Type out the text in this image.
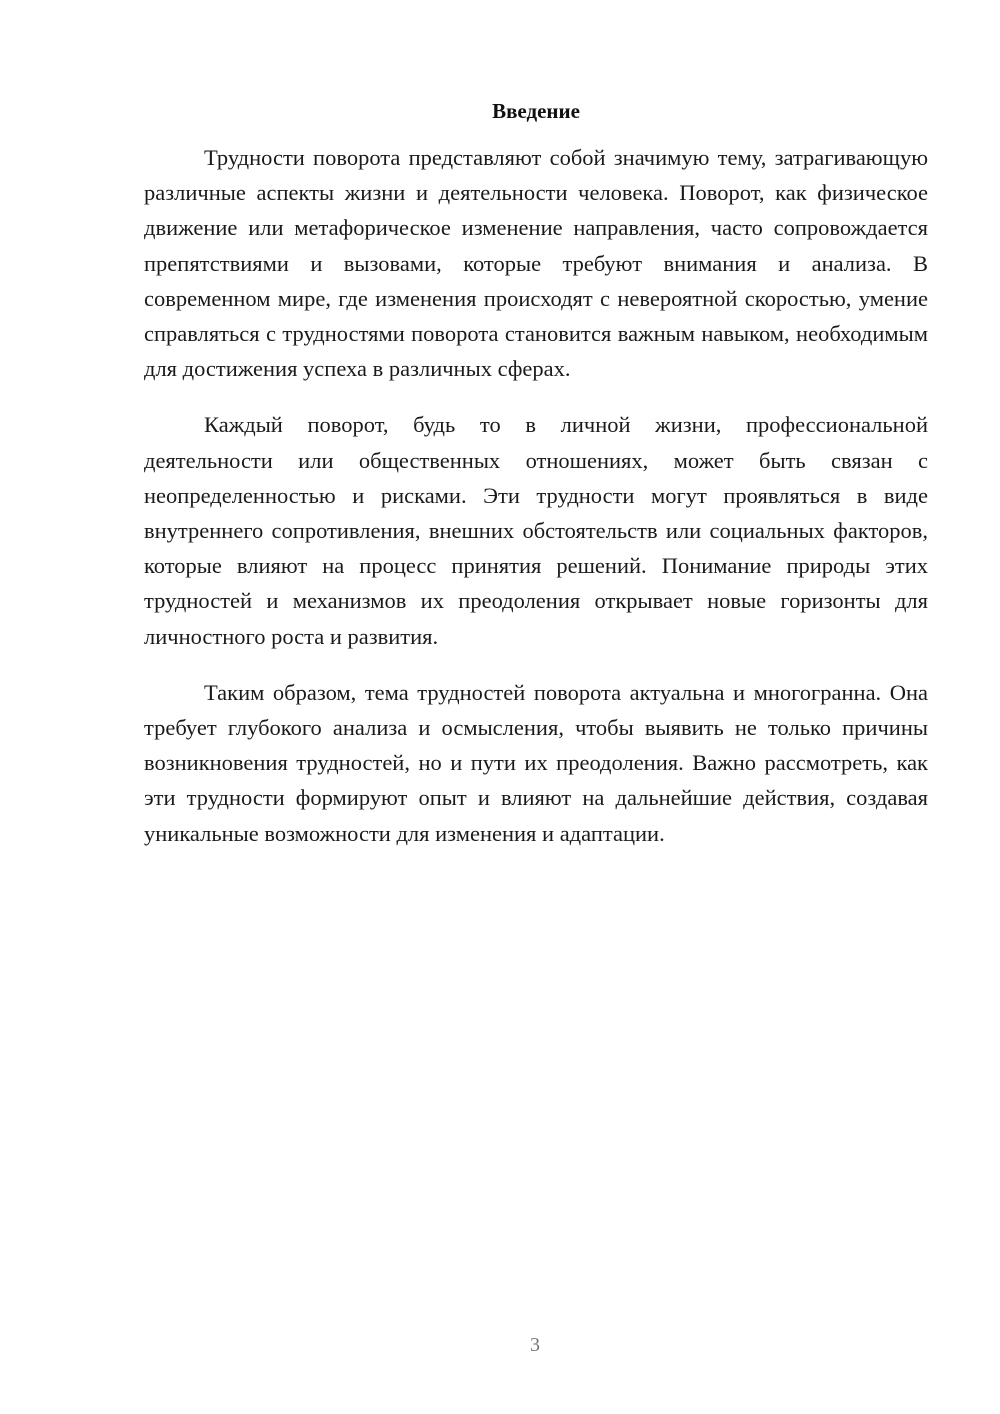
Введение

Трудности поворота представляют собой значимую тему, затрагивающую различные аспекты жизни и деятельности человека. Поворот, как физическое движение или метафорическое изменение направления, часто сопровождается препятствиями и вызовами, которые требуют внимания и анализа. В современном мире, где изменения происходят с невероятной скоростью, умение справляться с трудностями поворота становится важным навыком, необходимым для достижения успеха в различных сферах.

Каждый поворот, будь то в личной жизни, профессиональной деятельности или общественных отношениях, может быть связан с неопределенностью и рисками. Эти трудности могут проявляться в виде внутреннего сопротивления, внешних обстоятельств или социальных факторов, которые влияют на процесс принятия решений. Понимание природы этих трудностей и механизмов их преодоления открывает новые горизонты для личностного роста и развития.

Таким образом, тема трудностей поворота актуальна и многогранна. Она требует глубокого анализа и осмысления, чтобы выявить не только причины возникновения трудностей, но и пути их преодоления. Важно рассмотреть, как эти трудности формируют опыт и влияют на дальнейшие действия, создавая уникальные возможности для изменения и адаптации.

3
